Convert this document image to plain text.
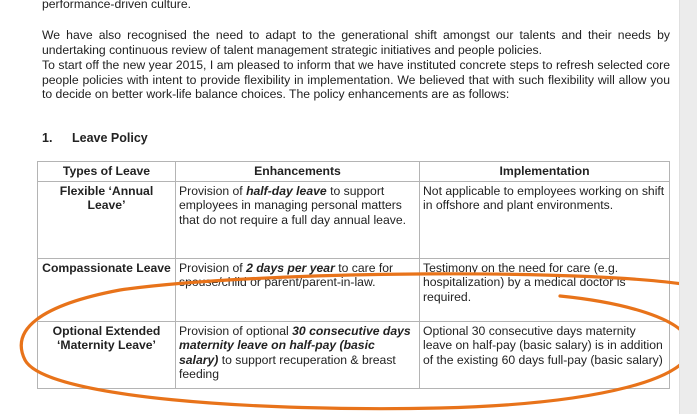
performance-driven culture.

We have also recognised the need to adapt to the generational shift amongst our talents and their needs by undertaking continuous review of talent management strategic initiatives and people policies.

To start off the new year 2015, I am pleased to inform that we have instituted concrete steps to refresh selected core people policies with intent to provide flexibility in implementation. We believed that with such flexibility will allow you to decide on better work-life balance choices. The policy enhancements are as follows:

1. Leave Policy
Types of Leave	Enhancements	Implementation
Flexible ‘Annual Leave’	Provision of half-day leave to support employees in managing personal matters that do not require a full day annual leave.	Not applicable to employees working on shift in offshore and plant environments.
Compassionate Leave	Provision of 2 days per year to care for spouse/child or parent/parent-in-law.	Testimony on the need for care (e.g. hospitalization) by a medical doctor is required.
Optional Extended ‘Maternity Leave’	Provision of optional 30 consecutive days maternity leave on half-pay (basic salary) to support recuperation & breast feeding	Optional 30 consecutive days maternity leave on half-pay (basic salary) is in addition of the existing 60 days full-pay (basic salary)
